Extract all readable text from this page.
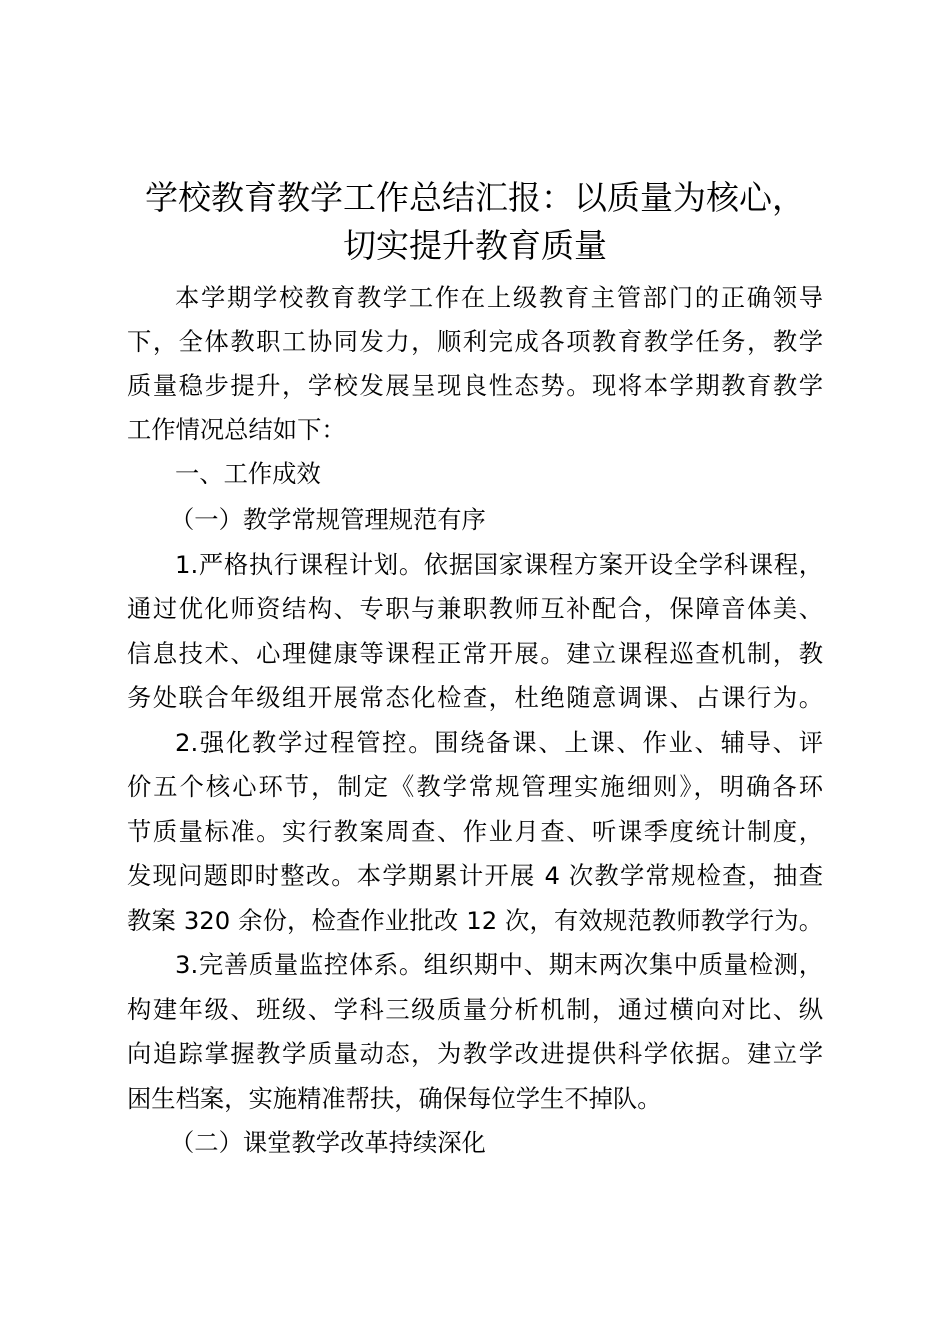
学校教育教学工作总结汇报：以质量为核心，
切实提升教育质量
本学期学校教育教学工作在上级教育主管部门的正确领导
下，全体教职工协同发力，顺利完成各项教育教学任务，教学
质量稳步提升，学校发展呈现良性态势。现将本学期教育教学
工作情况总结如下：
一、工作成效
（一）教学常规管理规范有序
1.严格执行课程计划。依据国家课程方案开设全学科课程，
通过优化师资结构、专职与兼职教师互补配合，保障音体美、
信息技术、心理健康等课程正常开展。建立课程巡查机制，教
务处联合年级组开展常态化检查，杜绝随意调课、占课行为。
2.强化教学过程管控。围绕备课、上课、作业、辅导、评
价五个核心环节，制定《教学常规管理实施细则》，明确各环
节质量标准。实行教案周查、作业月查、听课季度统计制度，
发现问题即时整改。本学期累计开展 4 次教学常规检查，抽查
教案 320 余份，检查作业批改 12 次，有效规范教师教学行为。
3.完善质量监控体系。组织期中、期末两次集中质量检测，
构建年级、班级、学科三级质量分析机制，通过横向对比、纵
向追踪掌握教学质量动态，为教学改进提供科学依据。建立学
困生档案，实施精准帮扶，确保每位学生不掉队。
（二）课堂教学改革持续深化
